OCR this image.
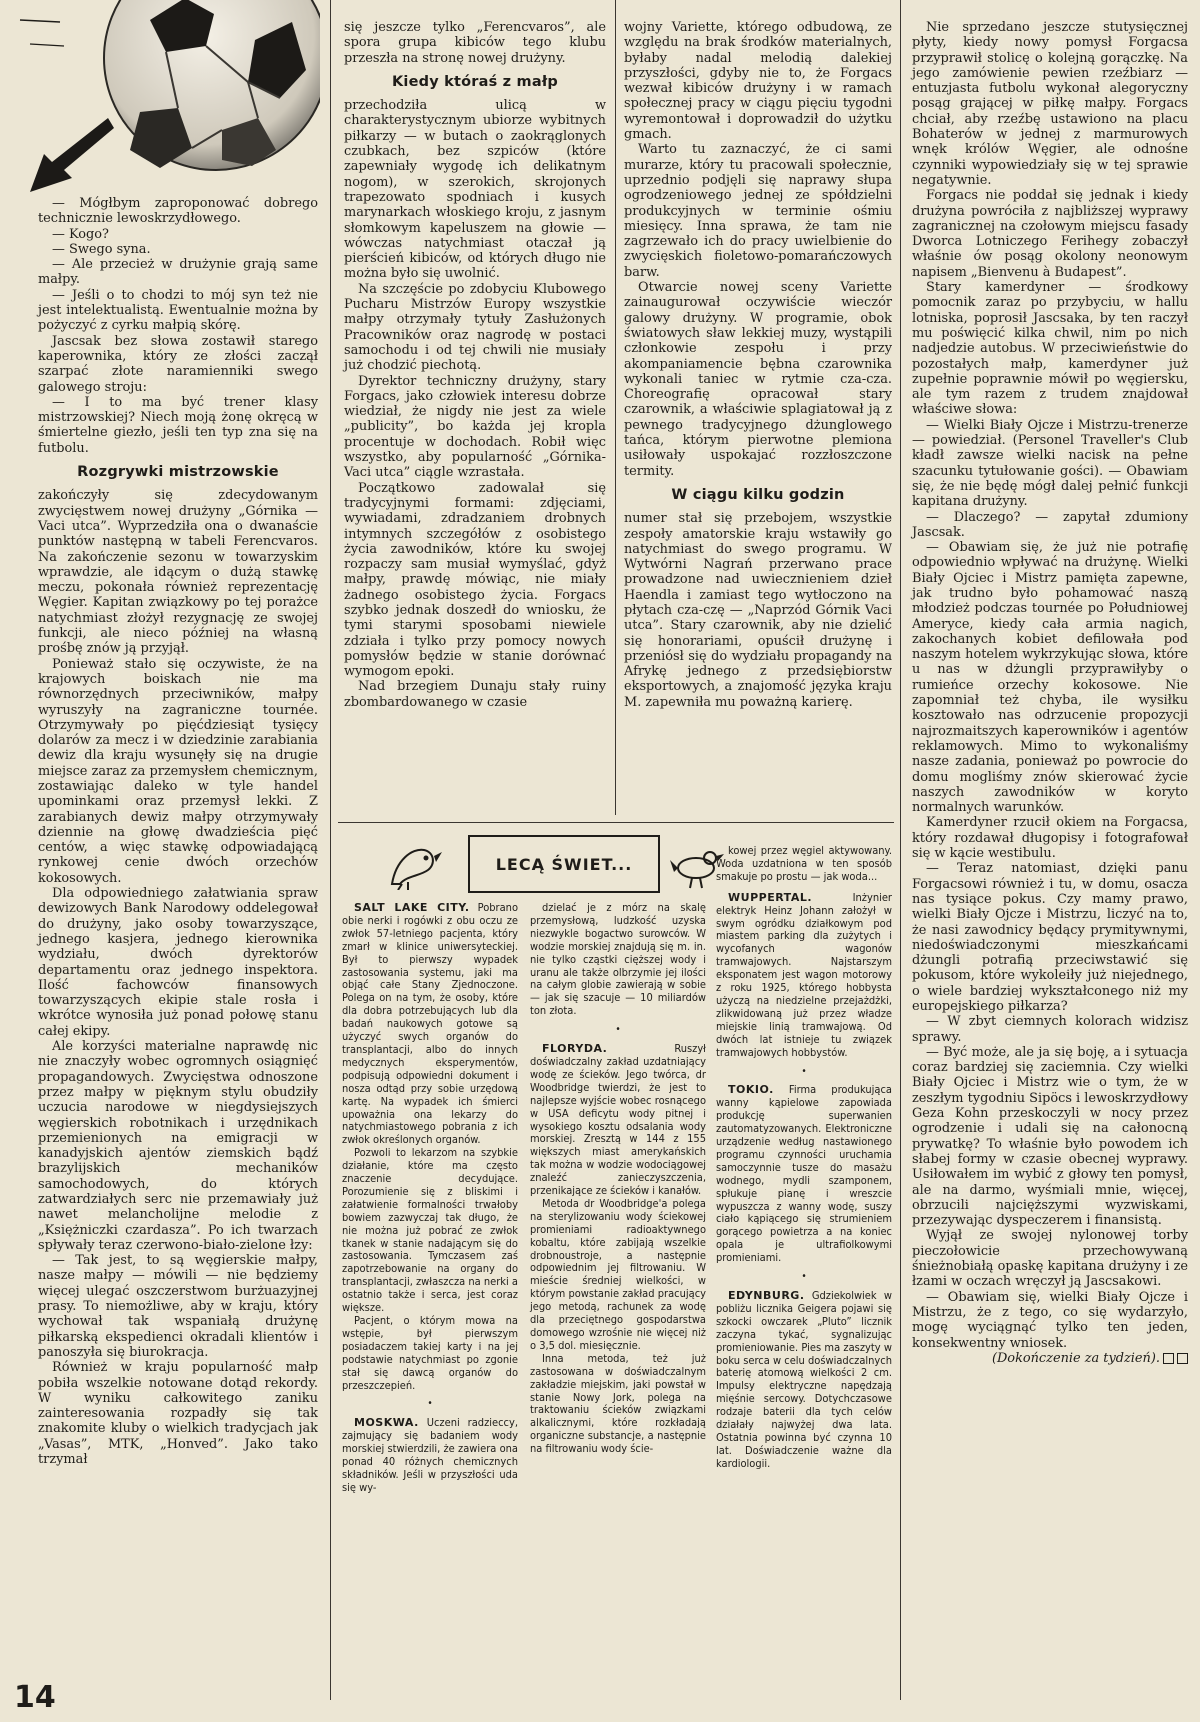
— Mógłbym zaproponować dobrego technicznie lewoskrzydłowego.

— Kogo?

— Swego syna.

— Ale przecież w drużynie grają same małpy.

— Jeśli o to chodzi to mój syn też nie jest intelektualistą. Ewentualnie można by pożyczyć z cyrku małpią skórę.

Jascsak bez słowa zostawił starego kaperownika, który ze złości zaczął szarpać złote naramienniki swego galowego stroju:

— I to ma być trener klasy mistrzowskiej? Niech moją żonę okręcą w śmiertelne giezło, jeśli ten typ zna się na futbolu.

Rozgrywki mistrzowskie

zakończyły się zdecydowanym zwycięstwem nowej drużyny „Górnika — Vaci utca”. Wyprzedziła ona o dwanaście punktów następną w tabeli Ferencvaros. Na zakończenie sezonu w towarzyskim wprawdzie, ale idącym o dużą stawkę meczu, pokonała również reprezentację Węgier. Kapitan związkowy po tej porażce natychmiast złożył rezygnację ze swojej funkcji, ale nieco później na własną prośbę znów ją przyjął.

Ponieważ stało się oczywiste, że na krajowych boiskach nie ma równorzędnych przeciwników, małpy wyruszyły na zagraniczne tournée. Otrzymywały po pięćdziesiąt tysięcy dolarów za mecz i w dziedzinie zarabiania dewiz dla kraju wysunęły się na drugie miejsce zaraz za przemysłem chemicznym, zostawiając daleko w tyle handel upominkami oraz przemysł lekki. Z zarabianych dewiz małpy otrzymywały dziennie na głowę dwadzieścia pięć centów, a więc stawkę odpowiadającą rynkowej cenie dwóch orzechów kokosowych.

Dla odpowiedniego załatwiania spraw dewizowych Bank Narodowy oddelegował do drużyny, jako osoby towarzyszące, jednego kasjera, jednego kierownika wydziału, dwóch dyrektorów departamentu oraz jednego inspektora. Ilość fachowców finansowych towarzyszących ekipie stale rosła i wkrótce wynosiła już ponad połowę stanu całej ekipy.

Ale korzyści materialne naprawdę nic nie znaczyły wobec ogromnych osiągnięć propagandowych. Zwycięstwa odnoszone przez małpy w pięknym stylu obudziły uczucia narodowe w niegdysiejszych węgierskich robotnikach i urzędnikach przemienionych na emigracji w kanadyjskich ajentów ziemskich bądź brazylijskich mechaników samochodowych, do których zatwardziałych serc nie przemawiały już nawet melancholijne melodie z „Księżniczki czardasza”. Po ich twarzach spływały teraz czerwono-biało-zielone łzy:

— Tak jest, to są węgierskie małpy, nasze małpy — mówili — nie będziemy więcej ulegać oszczerstwom burżuazyjnej prasy. To niemożliwe, aby w kraju, który wychował tak wspaniałą drużynę piłkarską ekspedienci okradali klientów i panoszyła się biurokracja.

Również w kraju popularność małp pobiła wszelkie notowane dotąd rekordy. W wyniku całkowitego zaniku zainteresowania rozpadły się tak znakomite kluby o wielkich tradycjach jak „Vasas”, MTK, „Honved”. Jako tako trzymał

się jeszcze tylko „Ferencvaros”, ale spora grupa kibiców tego klubu przeszła na stronę nowej drużyny.

Kiedy któraś z małp

przechodziła ulicą w charakterystycznym ubiorze wybitnych piłkarzy — w butach o zaokrąglonych czubkach, bez szpiców (które zapewniały wygodę ich delikatnym nogom), w szerokich, skrojonych trapezowato spodniach i kusych marynarkach włoskiego kroju, z jasnym słomkowym kapeluszem na głowie — wówczas natychmiast otaczał ją pierścień kibiców, od których długo nie można było się uwolnić.

Na szczęście po zdobyciu Klubowego Pucharu Mistrzów Europy wszystkie małpy otrzymały tytuły Zasłużonych Pracowników oraz nagrodę w postaci samochodu i od tej chwili nie musiały już chodzić piechotą.

Dyrektor techniczny drużyny, stary Forgacs, jako człowiek interesu dobrze wiedział, że nigdy nie jest za wiele „publicity”, bo każda jej kropla procentuje w dochodach. Robił więc wszystko, aby popularność „Górnika-Vaci utca” ciągle wzrastała.

Początkowo zadowalał się tradycyjnymi formami: zdjęciami, wywiadami, zdradzaniem drobnych intymnych szczegółów z osobistego życia zawodników, które ku swojej rozpaczy sam musiał wymyślać, gdyż małpy, prawdę mówiąc, nie miały żadnego osobistego życia. Forgacs szybko jednak doszedł do wniosku, że tymi starymi sposobami niewiele zdziała i tylko przy pomocy nowych pomysłów będzie w stanie dorównać wymogom epoki.

Nad brzegiem Dunaju stały ruiny zbombardowanego w czasie

wojny Variette, którego odbudową, ze względu na brak środków materialnych, byłaby nadal melodią dalekiej przyszłości, gdyby nie to, że Forgacs wezwał kibiców drużyny i w ramach społecznej pracy w ciągu pięciu tygodni wyremontował i doprowadził do użytku gmach.

Warto tu zaznaczyć, że ci sami murarze, który tu pracowali społecznie, uprzednio podjęli się naprawy słupa ogrodzeniowego jednej ze spółdzielni produkcyjnych w terminie ośmiu miesięcy. Inna sprawa, że tam nie zagrzewało ich do pracy uwielbienie do zwycięskich fioletowo-pomarańczowych barw.

Otwarcie nowej sceny Variette zainaugurował oczywiście wieczór galowy drużyny. W programie, obok światowych sław lekkiej muzy, wystąpili członkowie zespołu i przy akompaniamencie bębna czarownika wykonali taniec w rytmie cza-cza. Choreografię opracował stary czarownik, a właściwie splagiatował ją z pewnego tradycyjnego dżunglowego tańca, którym pierwotne plemiona usiłowały uspokajać rozzłoszczone termity.

W ciągu kilku godzin

numer stał się przebojem, wszystkie zespoły amatorskie kraju wstawiły go natychmiast do swego programu. W Wytwórni Nagrań przerwano prace prowadzone nad uwiecznieniem dzieł Haendla i zamiast tego wytłoczono na płytach cza-czę — „Naprzód Górnik Vaci utca”. Stary czarownik, aby nie dzielić się honorariami, opuścił drużynę i przeniósł się do wydziału propagandy na Afrykę jednego z przedsiębiorstw eksportowych, a znajomość języka kraju M. zapewniła mu poważną karierę.

Nie sprzedano jeszcze stutysięcznej płyty, kiedy nowy pomysł Forgacsa przyprawił stolicę o kolejną gorączkę. Na jego zamówienie pewien rzeźbiarz — entuzjasta futbolu wykonał alegoryczny posąg grającej w piłkę małpy. Forgacs chciał, aby rzeźbę ustawiono na placu Bohaterów w jednej z marmurowych wnęk królów Węgier, ale odnośne czynniki wypowiedziały się w tej sprawie negatywnie.

Forgacs nie poddał się jednak i kiedy drużyna powróciła z najbliższej wyprawy zagranicznej na czołowym miejscu fasady Dworca Lotniczego Ferihegy zobaczył właśnie ów posąg okolony neonowym napisem „Bienvenu à Budapest”.

Stary kamerdyner — środkowy pomocnik zaraz po przybyciu, w hallu lotniska, poprosił Jascsaka, by ten raczył mu poświęcić kilka chwil, nim po nich nadjedzie autobus. W przeciwieństwie do pozostałych małp, kamerdyner już zupełnie poprawnie mówił po węgiersku, ale tym razem z trudem znajdował właściwe słowa:

— Wielki Biały Ojcze i Mistrzu-trenerze — powiedział. (Personel Traveller's Club kładł zawsze wielki nacisk na pełne szacunku tytułowanie gości). — Obawiam się, że nie będę mógł dalej pełnić funkcji kapitana drużyny.

— Dlaczego? — zapytał zdumiony Jascsak.

— Obawiam się, że już nie potrafię odpowiednio wpływać na drużynę. Wielki Biały Ojciec i Mistrz pamięta zapewne, jak trudno było pohamować naszą młodzież podczas tournée po Południowej Ameryce, kiedy cała armia nagich, zakochanych kobiet defilowała pod naszym hotelem wykrzykując słowa, które u nas w dżungli przyprawiłyby o rumieńce orzechy kokosowe. Nie zapomniał też chyba, ile wysiłku kosztowało nas odrzucenie propozycji najrozmaitszych kaperowników i agentów reklamowych. Mimo to wykonaliśmy nasze zadania, ponieważ po powrocie do domu mogliśmy znów skierować życie naszych zawodników w koryto normalnych warunków.

Kamerdyner rzucił okiem na Forgacsa, który rozdawał długopisy i fotografował się w kącie westibulu.

— Teraz natomiast, dzięki panu Forgacsowi również i tu, w domu, osacza nas tysiące pokus. Czy mamy prawo, wielki Biały Ojcze i Mistrzu, liczyć na to, że nasi zawodnicy będący prymitywnymi, niedoświadczonymi mieszkańcami dżungli potrafią przeciwstawić się pokusom, które wykoleiły już niejednego, o wiele bardziej wykształconego niż my europejskiego piłkarza?

— W zbyt ciemnych kolorach widzisz sprawy.

— Być może, ale ja się boję, a i sytuacja coraz bardziej się zaciemnia. Czy wielki Biały Ojciec i Mistrz wie o tym, że w zeszłym tygodniu Sipöcs i lewoskrzydłowy Geza Kohn przeskoczyli w nocy przez ogrodzenie i udali się na całonocną prywatkę? To właśnie było powodem ich słabej formy w czasie obecnej wyprawy. Usiłowałem im wybić z głowy ten pomysł, ale na darmo, wyśmiali mnie, więcej, obrzucili najcięższymi wyzwiskami, przezywając dyspeczerem i finansistą.

Wyjął ze swojej nylonowej torby pieczołowicie przechowywaną śnieżnobiałą opaskę kapitana drużyny i ze łzami w oczach wręczył ją Jascsakowi.

— Obawiam się, wielki Biały Ojcze i Mistrzu, że z tego, co się wydarzyło, mogę wyciągnąć tylko ten jeden, konsekwentny wniosek.

(Dokończenie za tydzień).

LECĄ ŚWIET...

SALT LAKE CITY. Pobrano obie nerki i rogówki z obu oczu ze zwłok 57-letniego pacjenta, który zmarł w klinice uniwersyteckiej. Był to pierwszy wypadek zastosowania systemu, jaki ma objąć całe Stany Zjednoczone. Polega on na tym, że osoby, które dla dobra potrzebujących lub dla badań naukowych gotowe są użyczyć swych organów do transplantacji, albo do innych medycznych eksperymentów, podpisują odpowiedni dokument i nosza odtąd przy sobie urzędową kartę. Na wypadek ich śmierci upoważnia ona lekarzy do natychmiastowego pobrania z ich zwłok określonych organów.

Pozwoli to lekarzom na szybkie działanie, które ma często znaczenie decydujące. Porozumienie się z bliskimi i załatwienie formalności trwałoby bowiem zazwyczaj tak długo, że nie można już pobrać ze zwłok tkanek w stanie nadającym się do zastosowania. Tymczasem zaś zapotrzebowanie na organy do transplantacji, zwłaszcza na nerki a ostatnio także i serca, jest coraz większe.

Pacjent, o którym mowa na wstępie, był pierwszym posiadaczem takiej karty i na jej podstawie natychmiast po zgonie stał się dawcą organów do przeszczepień.

•

MOSKWA. Uczeni radzieccy, zajmujący się badaniem wody morskiej stwierdzili, że zawiera ona ponad 40 różnych chemicznych składników. Jeśli w przyszłości uda się wy-

dzielać je z mórz na skalę przemysłową, ludzkość uzyska niezwykle bogactwo surowców. W wodzie morskiej znajdują się m. in. nie tylko cząstki cięższej wody i uranu ale także olbrzymie jej ilości na całym globie zawierają w sobie — jak się szacuje — 10 miliardów ton złota.

•

FLORYDA.	Ruszył doświadczalny zakład uzdatniający wodę ze ścieków. Jego twórca, dr Woodbridge twierdzi, że jest to najlepsze wyjście wobec rosnącego w USA deficytu wody pitnej i wysokiego kosztu odsalania wody morskiej. Zresztą w 144 z 155 większych miast amerykańskich tak można w wodzie wodociągowej znaleźć zanieczyszczenia, przenikające ze ścieków i kanałów.

Metoda dr Woodbridge'a polega na sterylizowaniu wody ściekowej promieniami radioaktywnego kobaltu, które zabijają wszelkie drobnoustroje, a następnie odpowiednim jej filtrowaniu. W mieście średniej wielkości, w którym powstanie zakład pracujący jego metodą, rachunek za wodę dla przeciętnego gospodarstwa domowego wzrośnie nie więcej niż o 3,5 dol. miesięcznie.

Inna metoda, też już zastosowana w doświadczalnym zakładzie miejskim, jaki powstał w stanie Nowy Jork, polega na traktowaniu ścieków związkami alkalicznymi, które rozkładają organiczne substancje, a następnie na filtrowaniu wody ście-

kowej przez węgiel aktywowany. Woda uzdatniona w ten sposób smakuje po prostu — jak woda...

WUPPERTAL.	Inżynier elektryk Heinz Johann założył w swym ogródku działkowym pod miastem parking dla zużytych i wycofanych wagonów tramwajowych. Najstarszym eksponatem jest wagon motorowy z roku 1925, którego hobbysta użyczą na niedzielne przejażdżki, zlikwidowaną już przez władze miejskie linią tramwajową. Od dwóch lat istnieje tu związek tramwajowych hobbystów.

•

TOKIO. Firma produkująca wanny kąpielowe zapowiada produkcję superwanien zautomatyzowanych. Elektroniczne urządzenie według nastawionego programu czynności uruchamia samoczynnie tusze do masażu wodnego, mydli szamponem, spłukuje pianę i wreszcie wypuszcza z wanny wodę, suszy ciało kąpiącego się strumieniem gorącego powietrza a na koniec opala je ultrafiolkowymi promieniami.

•

EDYNBURG. Gdziekolwiek w pobliżu licznika Geigera pojawi się szkocki owczarek „Pluto” licznik zaczyna tykać, sygnalizując promieniowanie. Pies ma zaszyty w boku serca w celu doświadczalnych baterię atomową wielkości 2 cm. Impulsy elektryczne napędzają mięśnie sercowy. Dotychczasowe rodzaje baterii dla tych celów działały najwyżej dwa lata. Ostatnia powinna być czynna 10 lat. Doświadczenie ważne dla kardiologii.

14
